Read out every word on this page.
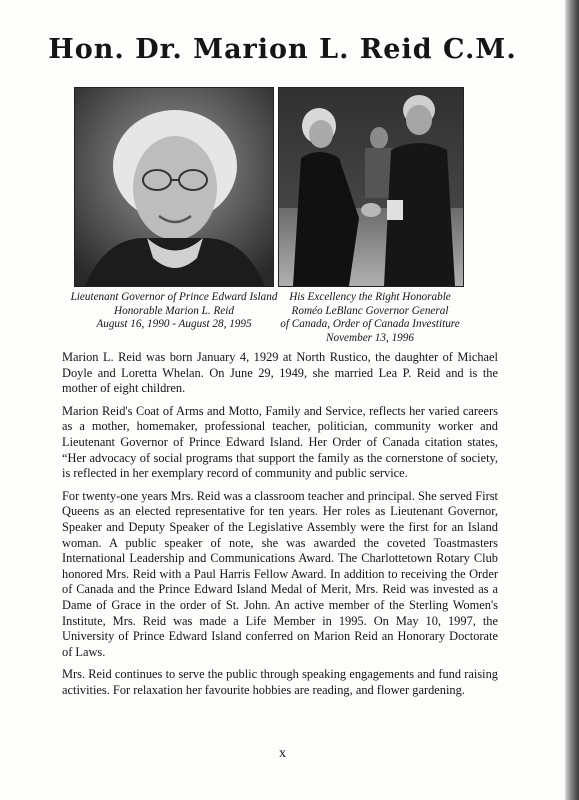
Hon. Dr. Marion L. Reid C.M.
Lieutenant Governor of Prince Edward Island
Honorable Marion L. Reid
August 16, 1990 - August 28, 1995
His Excellency the Right Honorable
Roméo LeBlanc Governor General
of Canada, Order of Canada Investiture
November 13, 1996

Marion L. Reid was born January 4, 1929 at North Rustico, the daughter of Michael Doyle and Loretta Whelan. On June 29, 1949, she married Lea P. Reid and is the mother of eight children.

Marion Reid's Coat of Arms and Motto, Family and Service, reflects her varied careers as a mother, homemaker, professional teacher, politician, community worker and Lieutenant Governor of Prince Edward Island. Her Order of Canada citation states, “Her advocacy of social programs that support the family as the cornerstone of society, is reflected in her exemplary record of community and public service.

For twenty-one years Mrs. Reid was a classroom teacher and principal. She served First Queens as an elected representative for ten years. Her roles as Lieutenant Governor, Speaker and Deputy Speaker of the Legislative Assembly were the first for an Island woman. A public speaker of note, she was awarded the coveted Toastmasters International Leadership and Communications Award. The Charlottetown Rotary Club honored Mrs. Reid with a Paul Harris Fellow Award. In addition to receiving the Order of Canada and the Prince Edward Island Medal of Merit, Mrs. Reid was invested as a Dame of Grace in the order of St. John. An active member of the Sterling Women's Institute, Mrs. Reid was made a Life Member in 1995. On May 10, 1997, the University of Prince Edward Island conferred on Marion Reid an Honorary Doctorate of Laws.

Mrs. Reid continues to serve the public through speaking engagements and fund raising activities. For relaxation her favourite hobbies are reading, and flower gardening.

x
